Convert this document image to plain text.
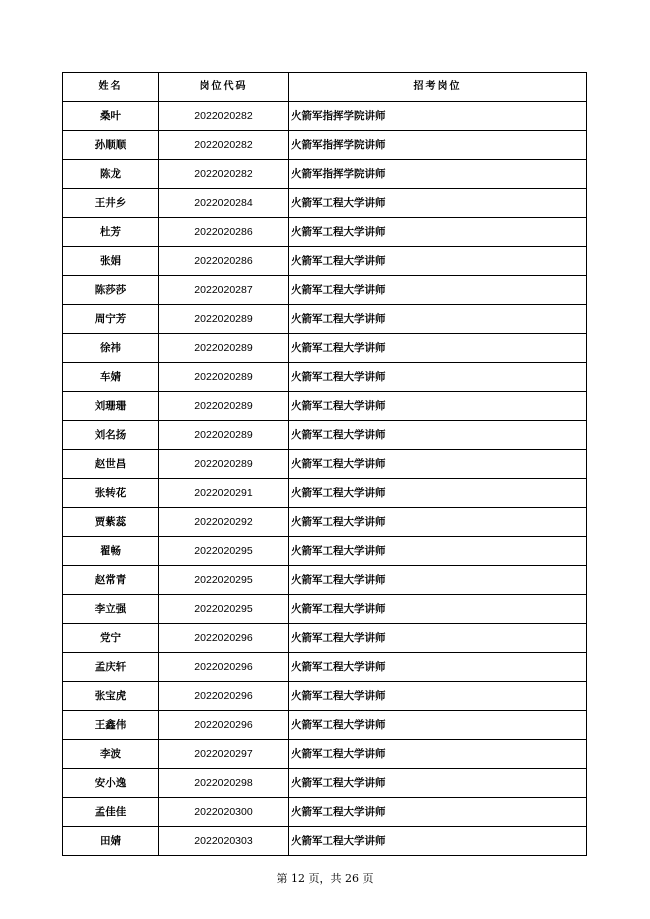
姓名	岗位代码	招考岗位
桑叶	2022020282	火箭军指挥学院讲师
孙顺顺	2022020282	火箭军指挥学院讲师
陈龙	2022020282	火箭军指挥学院讲师
王井乡	2022020284	火箭军工程大学讲师
杜芳	2022020286	火箭军工程大学讲师
张娟	2022020286	火箭军工程大学讲师
陈莎莎	2022020287	火箭军工程大学讲师
周宁芳	2022020289	火箭军工程大学讲师
徐祎	2022020289	火箭军工程大学讲师
车婧	2022020289	火箭军工程大学讲师
刘珊珊	2022020289	火箭军工程大学讲师
刘名扬	2022020289	火箭军工程大学讲师
赵世昌	2022020289	火箭军工程大学讲师
张转花	2022020291	火箭军工程大学讲师
贾紫蕊	2022020292	火箭军工程大学讲师
翟畅	2022020295	火箭军工程大学讲师
赵常青	2022020295	火箭军工程大学讲师
李立强	2022020295	火箭军工程大学讲师
党宁	2022020296	火箭军工程大学讲师
孟庆轩	2022020296	火箭军工程大学讲师
张宝虎	2022020296	火箭军工程大学讲师
王鑫伟	2022020296	火箭军工程大学讲师
李波	2022020297	火箭军工程大学讲师
安小逸	2022020298	火箭军工程大学讲师
孟佳佳	2022020300	火箭军工程大学讲师
田婧	2022020303	火箭军工程大学讲师
第 12 页，共 26 页
